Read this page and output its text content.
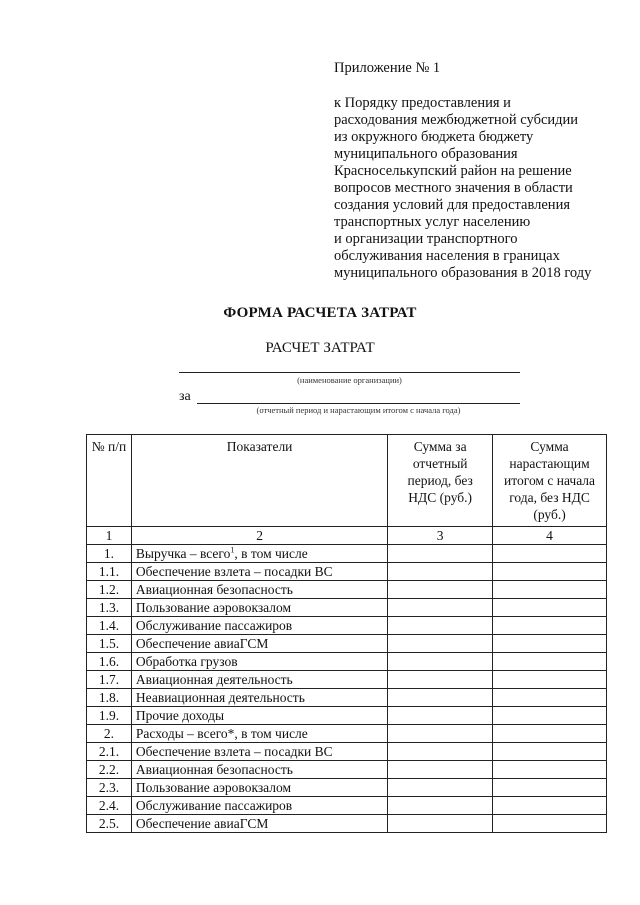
Приложение № 1
к Порядку предоставления и
расходования межбюджетной субсидии
из окружного бюджета бюджету
муниципального образования
Красноселькупский район на решение
вопросов местного значения в области
создания условий для предоставления
транспортных услуг населению
и организации транспортного
обслуживания населения в границах
муниципального образования в 2018 году
ФОРМА РАСЧЕТА ЗАТРАТ
РАСЧЕТ ЗАТРАТ
(наименование организации)
за
(отчетный период и нарастающим итогом с начала года)
№ п/п	Показатели	Сумма за отчетный период, без НДС (руб.)	Сумма нарастающим итогом с начала года, без НДС (руб.)
1	2	3	4
1.	Выручка – всего$^1$, в том числе		
1.1.	Обеспечение взлета – посадки ВС		
1.2.	Авиационная безопасность		
1.3.	Пользование аэровокзалом		
1.4.	Обслуживание пассажиров		
1.5.	Обеспечение авиаГСМ		
1.6.	Обработка грузов		
1.7.	Авиационная деятельность		
1.8.	Неавиационная деятельность		
1.9.	Прочие доходы		
2.	Расходы – всего*, в том числе		
2.1.	Обеспечение взлета – посадки ВС		
2.2.	Авиационная безопасность		
2.3.	Пользование аэровокзалом		
2.4.	Обслуживание пассажиров		
2.5.	Обеспечение авиаГСМ		
